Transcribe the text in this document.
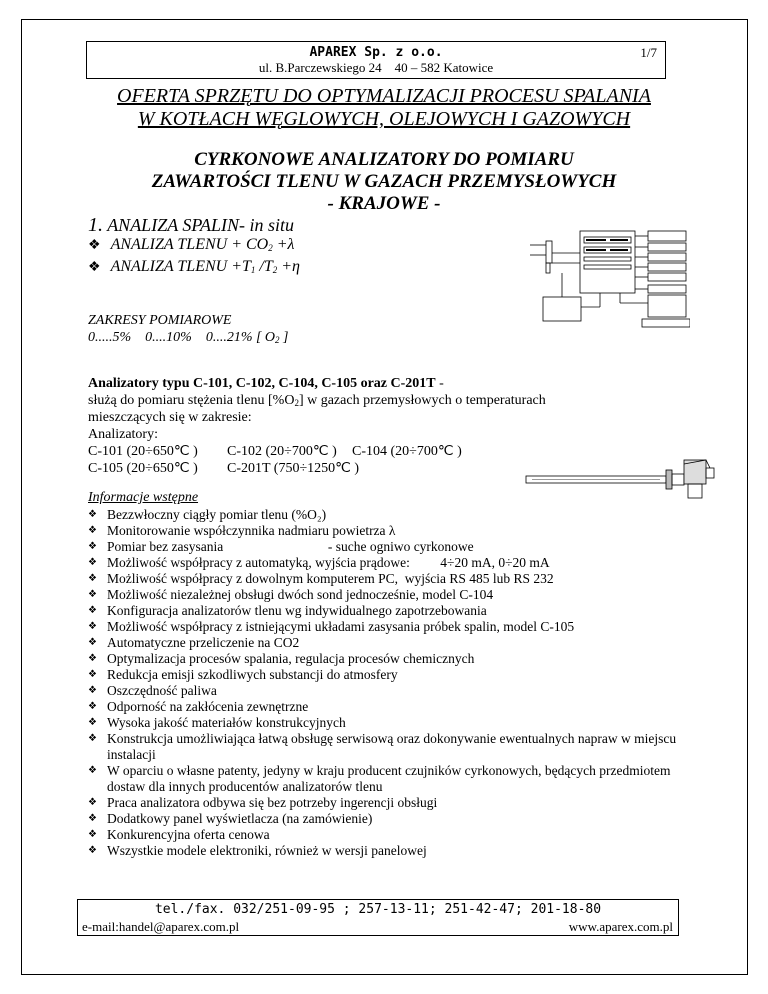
APAREX Sp. z o.o.
ul. B.Parczewskiego 24    40 – 582 Katowice
1/7
OFERTA SPRZĘTU DO OPTYMALIZACJI PROCESU SPALANIA
W KOTŁACH WĘGLOWYCH, OLEJOWYCH I GAZOWYCH
CYRKONOWE ANALIZATORY DO POMIARU
ZAWARTOŚCI TLENU W GAZACH PRZEMYSŁOWYCH
- KRAJOWE -
1. ANALIZA SPALIN- in situ
❖ ANALIZA TLENU + $CO_2 +\lambda$
❖ ANALIZA TLENU $+T_1$ $/T_2 +\eta$
ZAKRESY POMIAROWE
0.....5%    0....10%    0....21% [ $O_2$ ]
Analizatory typu C-101, C-102, C-104, C-105 oraz C-201T -
służą do pomiaru stężenia tlenu $[\%O_2]$ w gazach przemysłowych o temperaturach
mieszczących się w zakresie:
Analizatory:
C-101 (20÷650℃ ) C-102 (20÷700℃ ) C-104 (20÷700℃ )
C-105 (20÷650℃ ) C-201T (750÷1250℃ )
Informacje wstępne
❖ Bezzwłoczny ciągły pomiar tlenu (%O₂)
❖ Monitorowanie współczynnika nadmiaru powietrza λ
❖ Pomiar bez zasysania                               - suche ogniwo cyrkonowe
❖ Możliwość współpracy z automatyką, wyjścia prądowe:         4÷20 mA, 0÷20 mA
❖ Możliwość współpracy z dowolnym komputerem PC,  wyjścia RS 485 lub RS 232
❖ Możliwość niezależnej obsługi dwóch sond jednocześnie, model C-104
❖ Konfiguracja analizatorów tlenu wg indywidualnego zapotrzebowania
❖ Możliwość współpracy z istniejącymi układami zasysania próbek spalin, model C-105
❖ Automatyczne przeliczenie na CO2
❖ Optymalizacja procesów spalania, regulacja procesów chemicznych
❖ Redukcja emisji szkodliwych substancji do atmosfery
❖ Oszczędność paliwa
❖ Odporność na zakłócenia zewnętrzne
❖ Wysoka jakość materiałów konstrukcyjnych
❖ Konstrukcja umożliwiająca łatwą obsługę serwisową oraz dokonywanie ewentualnych napraw w miejscu instalacji
❖ W oparciu o własne patenty, jedyny w kraju producent czujników cyrkonowych, będących przedmiotem dostaw dla innych producentów analizatorów tlenu
❖ Praca analizatora odbywa się bez potrzeby ingerencji obsługi
❖ Dodatkowy panel wyświetlacza (na zamówienie)
❖ Konkurencyjna oferta cenowa
❖ Wszystkie modele elektroniki, również w wersji panelowej
tel./fax. 032/251-09-95 ; 257-13-11; 251-42-47; 201-18-80
e-mail:handel@aparex.com.pl	www.aparex.com.pl
